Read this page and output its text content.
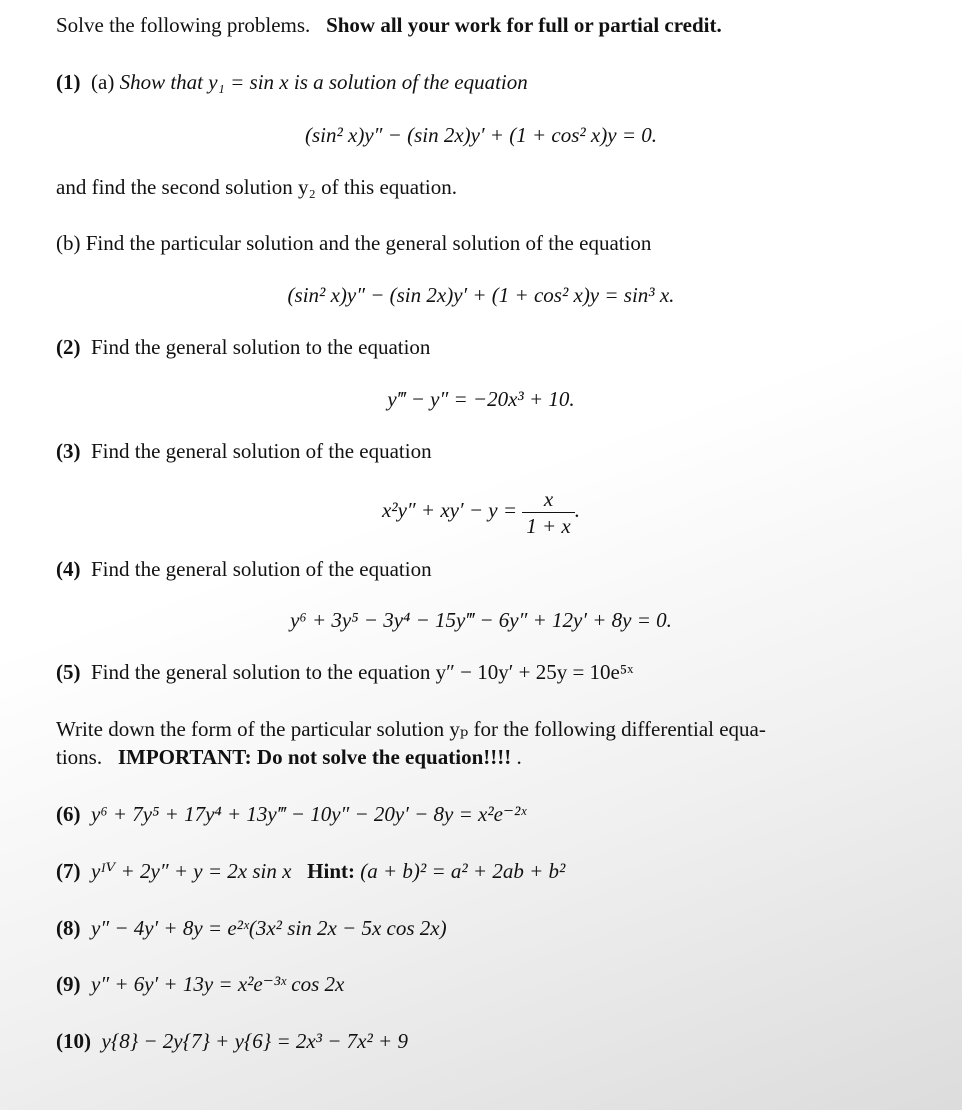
Solve the following problems. Show all your work for full or partial credit.
(1) (a) Show that y₁ = sin x is a solution of the equation
(sin² x)y″ − (sin 2x)y′ + (1 + cos² x)y = 0.
and find the second solution y₂ of this equation.
(b) Find the particular solution and the general solution of the equation
(sin² x)y″ − (sin 2x)y′ + (1 + cos² x)y = sin³ x.
(2) Find the general solution to the equation
y‴ − y″ = −20x³ + 10.
(3) Find the general solution of the equation
$x^2y'' + xy' - y = \frac{x}{1 + x}$ .
(4) Find the general solution of the equation
y⁶ + 3y⁵ − 3y⁴ − 15y‴ − 6y″ + 12y′ + 8y = 0.
(5) Find the general solution to the equation y″ − 10y′ + 25y = 10e⁵ˣ
Write down the form of the particular solution yₚ for the following differential equa-
tions. IMPORTANT: Do not solve the equation!!!! .
(6) y⁶ + 7y⁵ + 17y⁴ + 13y‴ − 10y″ − 20y′ − 8y = x²e⁻²ˣ
(7) yᴵⱽ + 2y″ + y = 2x sin x Hint: (a + b)² = a² + 2ab + b²
(8) y″ − 4y′ + 8y = e²ˣ(3x² sin 2x − 5x cos 2x)
(9) y″ + 6y′ + 13y = x²e⁻³ˣ cos 2x
(10) y{8} − 2y{7} + y{6} = 2x³ − 7x² + 9
